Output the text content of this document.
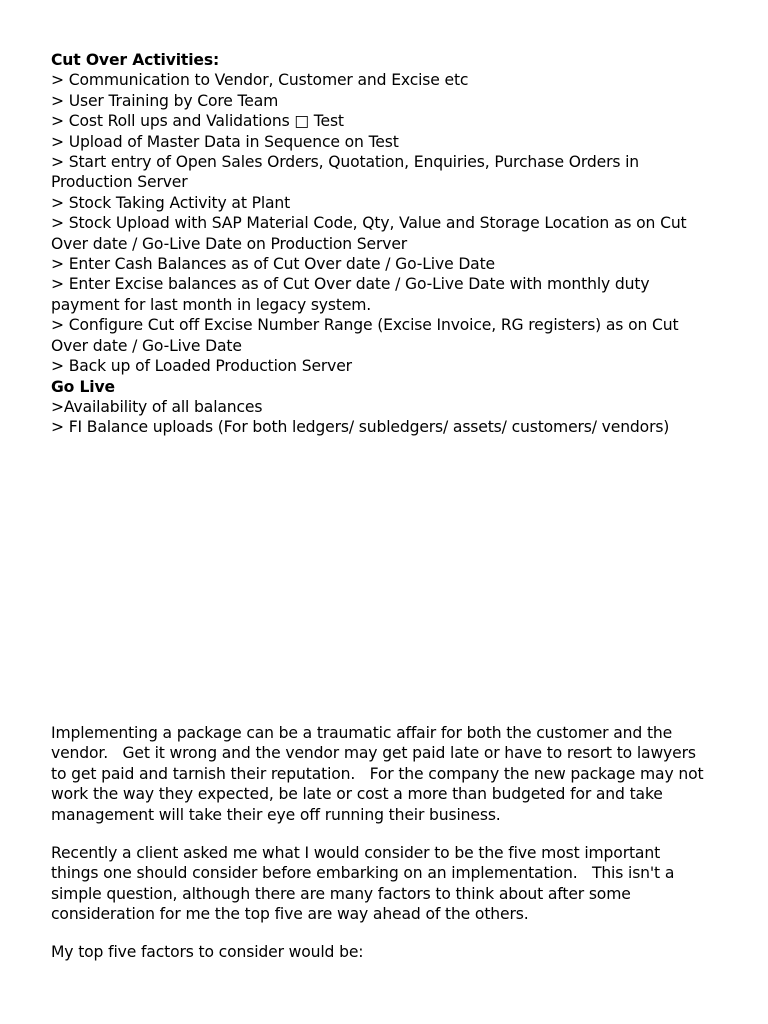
Cut Over Activities:
> Communication to Vendor, Customer and Excise etc
> User Training by Core Team
> Cost Roll ups and Validations □ Test
> Upload of Master Data in Sequence on Test
> Start entry of Open Sales Orders, Quotation, Enquiries, Purchase Orders in
Production Server
> Stock Taking Activity at Plant
> Stock Upload with SAP Material Code, Qty, Value and Storage Location as on Cut
Over date / Go-Live Date on Production Server
> Enter Cash Balances as of Cut Over date / Go-Live Date
> Enter Excise balances as of Cut Over date / Go-Live Date with monthly duty
payment for last month in legacy system.
> Configure Cut off Excise Number Range (Excise Invoice, RG registers) as on Cut
Over date / Go-Live Date
> Back up of Loaded Production Server
Go Live
>Availability of all balances
> FI Balance uploads (For both ledgers/ subledgers/ assets/ customers/ vendors)
Implementing a package can be a traumatic affair for both the customer and the
vendor.   Get it wrong and the vendor may get paid late or have to resort to lawyers
to get paid and tarnish their reputation.   For the company the new package may not
work the way they expected, be late or cost a more than budgeted for and take
management will take their eye off running their business.
Recently a client asked me what I would consider to be the five most important
things one should consider before embarking on an implementation.   This isn't a
simple question, although there are many factors to think about after some
consideration for me the top five are way ahead of the others.
My top five factors to consider would be:
